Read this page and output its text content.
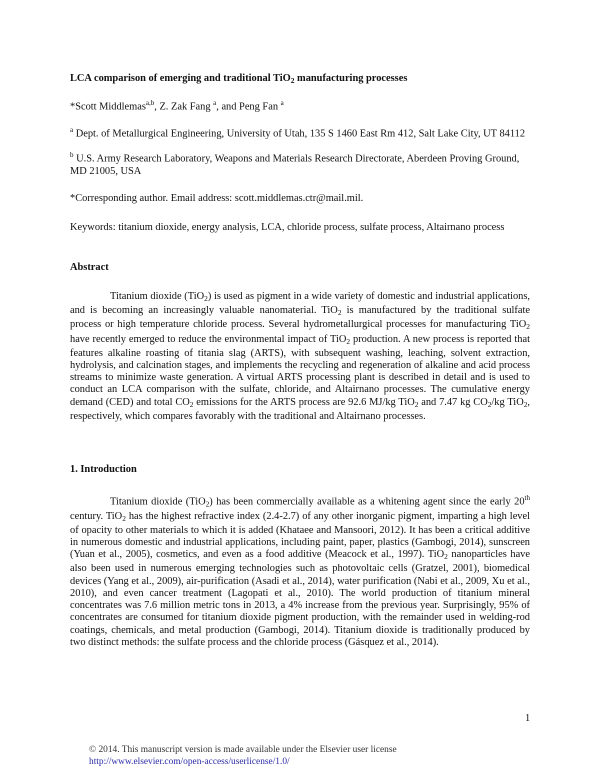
LCA comparison of emerging and traditional TiO$_2$ manufacturing processes
*Scott Middlemas$^{a,b}$, Z. Zak Fang $^a$, and Peng Fan $^a$
$^a$ Dept. of Metallurgical Engineering, University of Utah, 135 S 1460 East Rm 412, Salt Lake City, UT 84112
$^b$ U.S. Army Research Laboratory, Weapons and Materials Research Directorate, Aberdeen Proving Ground, MD 21005, USA
*Corresponding author. Email address: scott.middlemas.ctr@mail.mil.
Keywords: titanium dioxide, energy analysis, LCA, chloride process, sulfate process, Altairnano process
Abstract
Titanium dioxide (TiO$_2$) is used as pigment in a wide variety of domestic and industrial applications, and is becoming an increasingly valuable nanomaterial. TiO$_2$ is manufactured by the traditional sulfate process or high temperature chloride process. Several hydrometallurgical processes for manufacturing TiO$_2$ have recently emerged to reduce the environmental impact of TiO$_2$ production. A new process is reported that features alkaline roasting of titania slag (ARTS), with subsequent washing, leaching, solvent extraction, hydrolysis, and calcination stages, and implements the recycling and regeneration of alkaline and acid process streams to minimize waste generation. A virtual ARTS processing plant is described in detail and is used to conduct an LCA comparison with the sulfate, chloride, and Altairnano processes. The cumulative energy demand (CED) and total $CO_2$ emissions for the ARTS process are 92.6 MJ/kg TiO$_2$ and 7.47 kg $CO_2/kg$ TiO$_2$, respectively, which compares favorably with the traditional and Altairnano processes.
1. Introduction
Titanium dioxide (TiO$_2$) has been commercially available as a whitening agent since the early 20th century. TiO$_2$ has the highest refractive index (2.4-2.7) of any other inorganic pigment, imparting a high level of opacity to other materials to which it is added (Khataee and Mansoori, 2012). It has been a critical additive in numerous domestic and industrial applications, including paint, paper, plastics (Gambogi, 2014), sunscreen (Yuan et al., 2005), cosmetics, and even as a food additive (Meacock et al., 1997). TiO$_2$ nanoparticles have also been used in numerous emerging technologies such as photovoltaic cells (Gratzel, 2001), biomedical devices (Yang et al., 2009), air-purification (Asadi et al., 2014), water purification (Nabi et al., 2009, Xu et al., 2010), and even cancer treatment (Lagopati et al., 2010). The world production of titanium mineral concentrates was 7.6 million metric tons in 2013, a 4% increase from the previous year. Surprisingly, 95% of concentrates are consumed for titanium dioxide pigment production, with the remainder used in welding-rod coatings, chemicals, and metal production (Gambogi, 2014). Titanium dioxide is traditionally produced by two distinct methods: the sulfate process and the chloride process (Gásquez et al., 2014).
1
© 2014. This manuscript version is made available under the Elsevier user license
http://www.elsevier.com/open-access/userlicense/1.0/
